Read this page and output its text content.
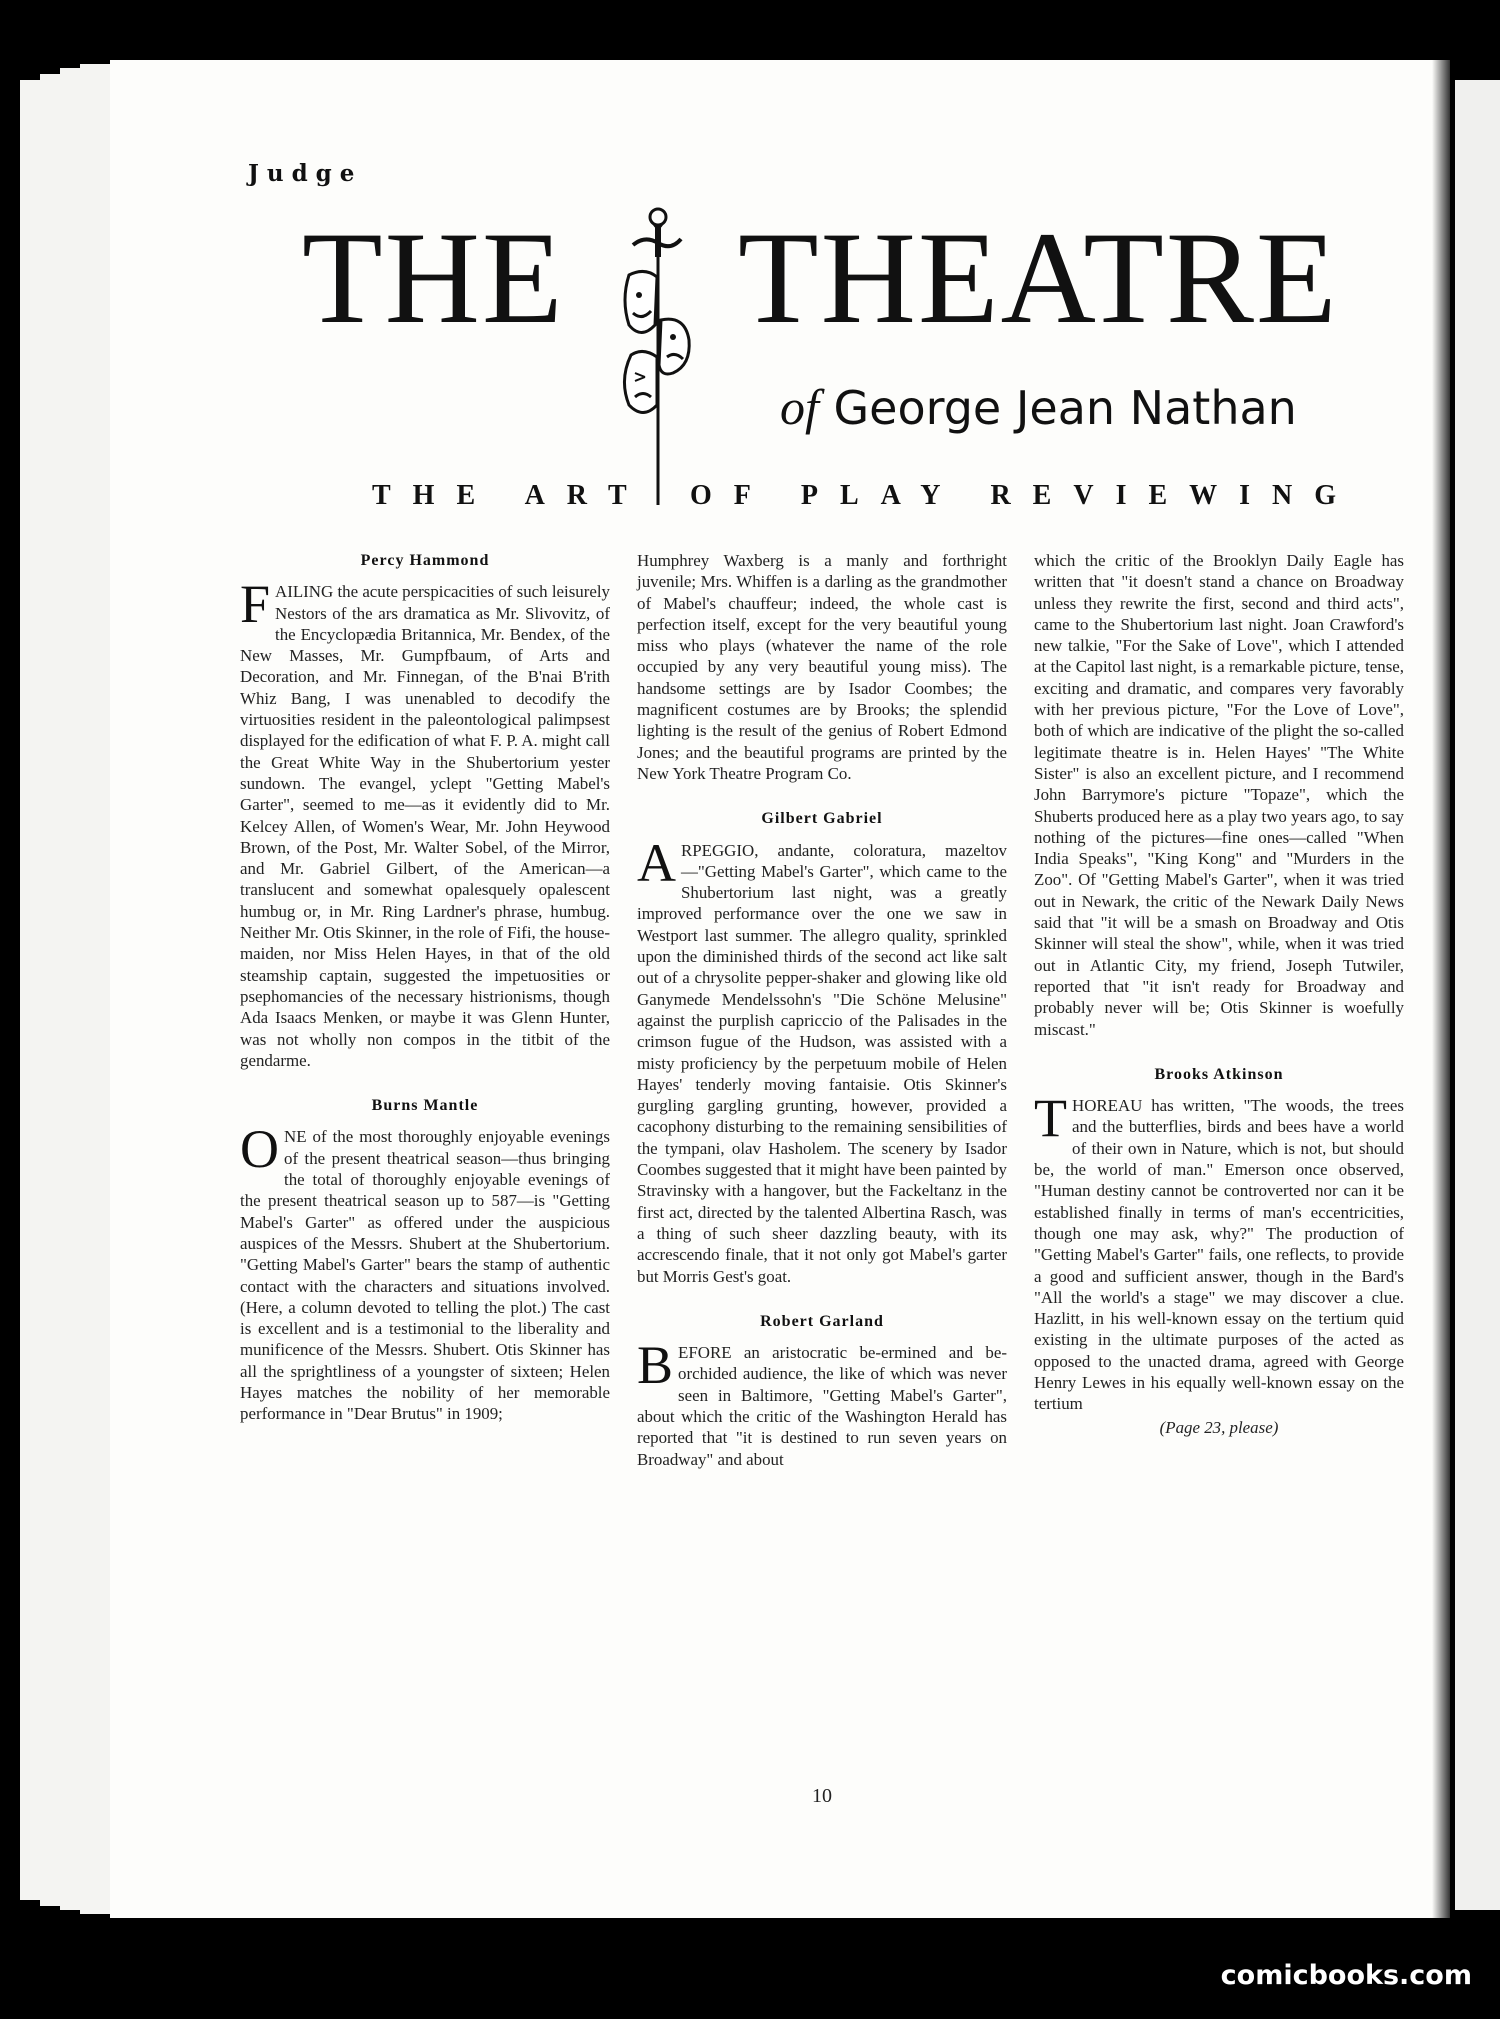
Judge
THE THEATRE
of George Jean Nathan
THE ART OF PLAY REVIEWING
Percy Hammond

FAILING the acute perspicacities of such leisurely Nestors of the ars dramatica as Mr. Slivovitz, of the Encyclopædia Britannica, Mr. Bendex, of the New Masses, Mr. Gumpfbaum, of Arts and Decoration, and Mr. Finnegan, of the B'nai B'rith Whiz Bang, I was unenabled to decodify the virtuosities resident in the paleontological palimpsest displayed for the edification of what F. P. A. might call the Great White Way in the Shubertorium yester sundown. The evangel, yclept "Getting Mabel's Garter", seemed to me—as it evidently did to Mr. Kelcey Allen, of Women's Wear, Mr. John Heywood Brown, of the Post, Mr. Walter Sobel, of the Mirror, and Mr. Gabriel Gilbert, of the American—a translucent and somewhat opalesquely opalescent humbug or, in Mr. Ring Lardner's phrase, humbug. Neither Mr. Otis Skinner, in the role of Fifi, the house-maiden, nor Miss Helen Hayes, in that of the old steamship captain, suggested the impetuosities or psephomancies of the necessary histrionisms, though Ada Isaacs Menken, or maybe it was Glenn Hunter, was not wholly non compos in the titbit of the gendarme.

Burns Mantle

ONE of the most thoroughly enjoyable evenings of the present theatrical season—thus bringing the total of thoroughly enjoyable evenings of the present theatrical season up to 587—is "Getting Mabel's Garter" as offered under the auspicious auspices of the Messrs. Shubert at the Shubertorium. "Getting Mabel's Garter" bears the stamp of authentic contact with the characters and situations involved. (Here, a column devoted to telling the plot.) The cast is excellent and is a testimonial to the liberality and munificence of the Messrs. Shubert. Otis Skinner has all the sprightliness of a youngster of sixteen; Helen Hayes matches the nobility of her memorable performance in "Dear Brutus" in 1909;

Humphrey Waxberg is a manly and forthright juvenile; Mrs. Whiffen is a darling as the grandmother of Mabel's chauffeur; indeed, the whole cast is perfection itself, except for the very beautiful young miss who plays (whatever the name of the role occupied by any very beautiful young miss). The handsome settings are by Isador Coombes; the magnificent costumes are by Brooks; the splendid lighting is the result of the genius of Robert Edmond Jones; and the beautiful programs are printed by the New York Theatre Program Co.

Gilbert Gabriel

ARPEGGIO, andante, coloratura, mazeltov—"Getting Mabel's Garter", which came to the Shubertorium last night, was a greatly improved performance over the one we saw in Westport last summer. The allegro quality, sprinkled upon the diminished thirds of the second act like salt out of a chrysolite pepper-shaker and glowing like old Ganymede Mendelssohn's "Die Schöne Melusine" against the purplish capriccio of the Palisades in the crimson fugue of the Hudson, was assisted with a misty proficiency by the perpetuum mobile of Helen Hayes' tenderly moving fantaisie. Otis Skinner's gurgling gargling grunting, however, provided a cacophony disturbing to the remaining sensibilities of the tympani, olav Hasholem. The scenery by Isador Coombes suggested that it might have been painted by Stravinsky with a hangover, but the Fackeltanz in the first act, directed by the talented Albertina Rasch, was a thing of such sheer dazzling beauty, with its accrescendo finale, that it not only got Mabel's garter but Morris Gest's goat.

Robert Garland

BEFORE an aristocratic be-ermined and be-orchided audience, the like of which was never seen in Baltimore, "Getting Mabel's Garter", about which the critic of the Washington Herald has reported that "it is destined to run seven years on Broadway" and about

which the critic of the Brooklyn Daily Eagle has written that "it doesn't stand a chance on Broadway unless they rewrite the first, second and third acts", came to the Shubertorium last night. Joan Crawford's new talkie, "For the Sake of Love", which I attended at the Capitol last night, is a remarkable picture, tense, exciting and dramatic, and compares very favorably with her previous picture, "For the Love of Love", both of which are indicative of the plight the so-called legitimate theatre is in. Helen Hayes' "The White Sister" is also an excellent picture, and I recommend John Barrymore's picture "Topaze", which the Shuberts produced here as a play two years ago, to say nothing of the pictures—fine ones—called "When India Speaks", "King Kong" and "Murders in the Zoo". Of "Getting Mabel's Garter", when it was tried out in Newark, the critic of the Newark Daily News said that "it will be a smash on Broadway and Otis Skinner will steal the show", while, when it was tried out in Atlantic City, my friend, Joseph Tutwiler, reported that "it isn't ready for Broadway and probably never will be; Otis Skinner is woefully miscast."

Brooks Atkinson

THOREAU has written, "The woods, the trees and the butterflies, birds and bees have a world of their own in Nature, which is not, but should be, the world of man." Emerson once observed, "Human destiny cannot be controverted nor can it be established finally in terms of man's eccentricities, though one may ask, why?" The production of "Getting Mabel's Garter" fails, one reflects, to provide a good and sufficient answer, though in the Bard's "All the world's a stage" we may discover a clue. Hazlitt, in his well-known essay on the tertium quid existing in the ultimate purposes of the acted as opposed to the unacted drama, agreed with George Henry Lewes in his equally well-known essay on the tertium

(Page 23, please)
10
comicbooks.com
